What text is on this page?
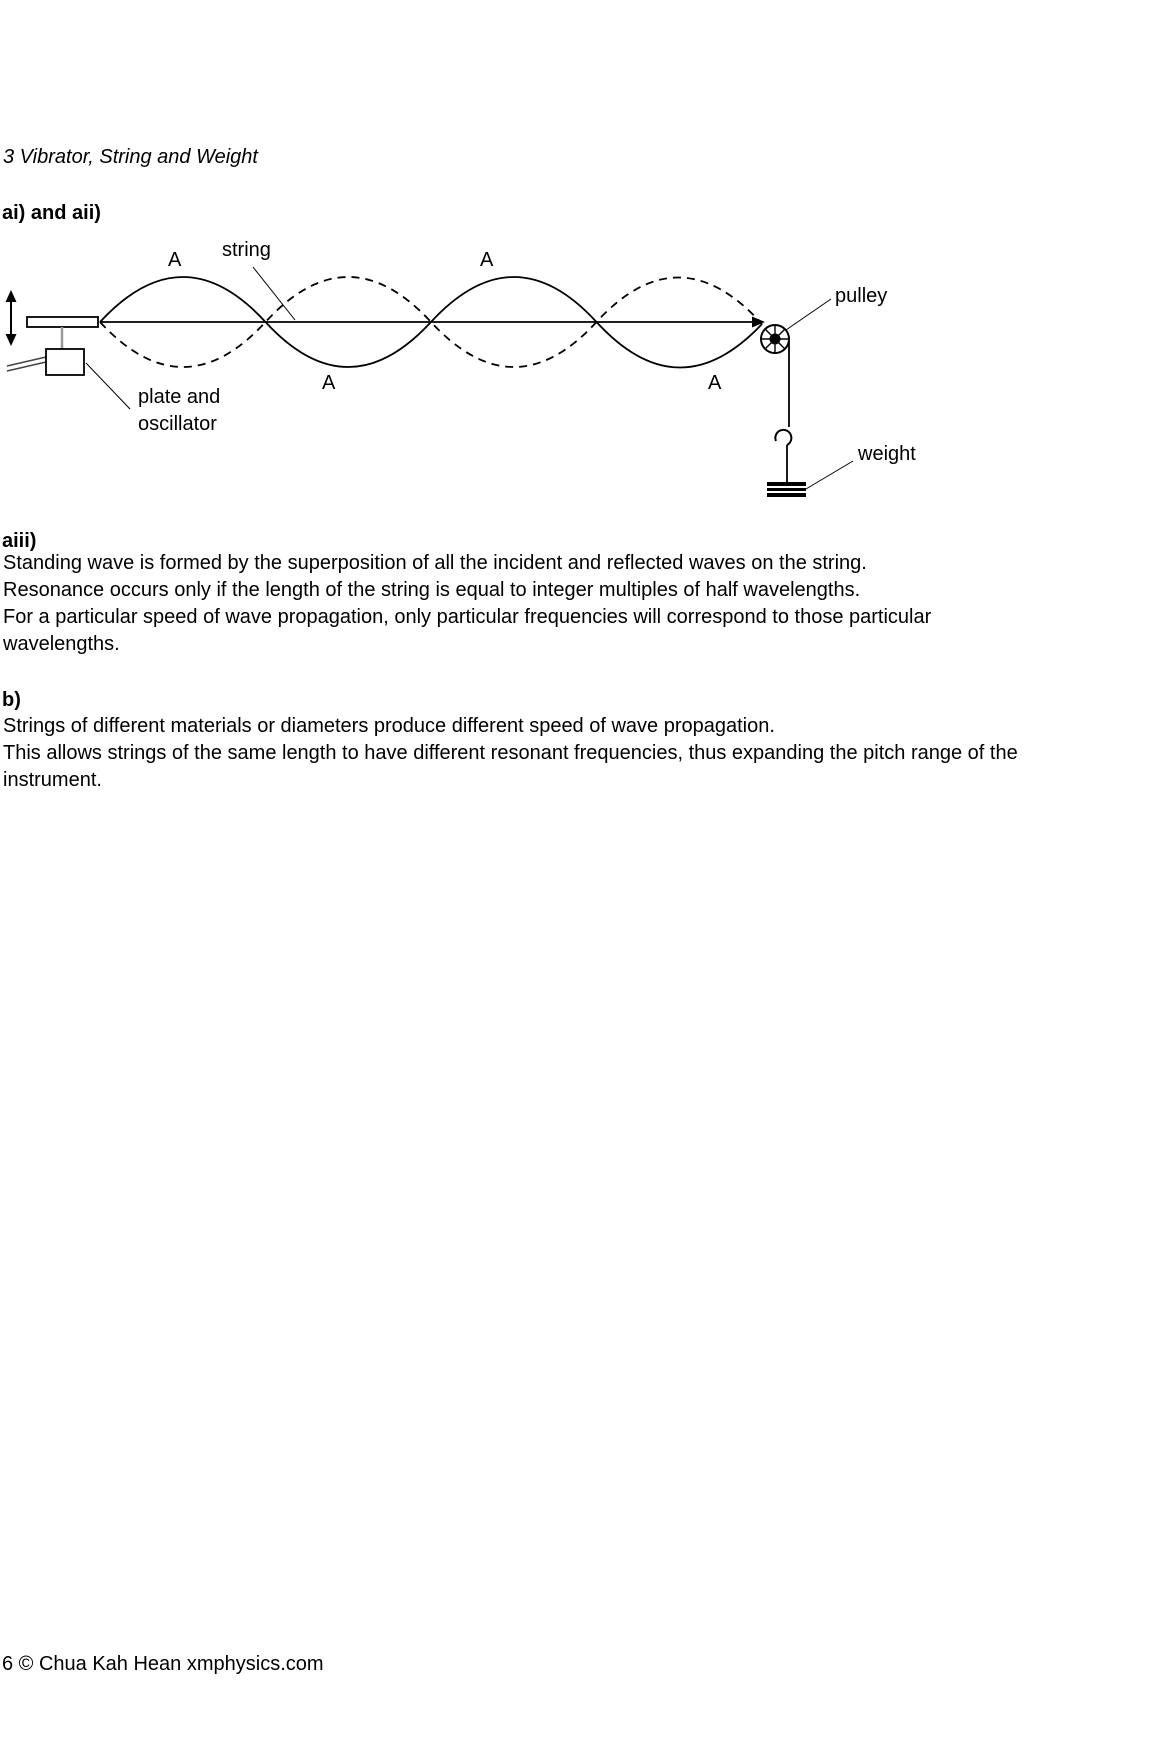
3 Vibrator, String and Weight
ai) and aii)
A string	A
A	A
pulley
plate and
oscillator
weight
aiii)
Standing wave is formed by the superposition of all the incident and reflected waves on the string.
Resonance occurs only if the length of the string is equal to integer multiples of half wavelengths.
For a particular speed of wave propagation, only particular frequencies will correspond to those particular
wavelengths.
b)
Strings of different materials or diameters produce different speed of wave propagation.
This allows strings of the same length to have different resonant frequencies, thus expanding the pitch range of the
instrument.
6 © Chua Kah Hean xmphysics.com
